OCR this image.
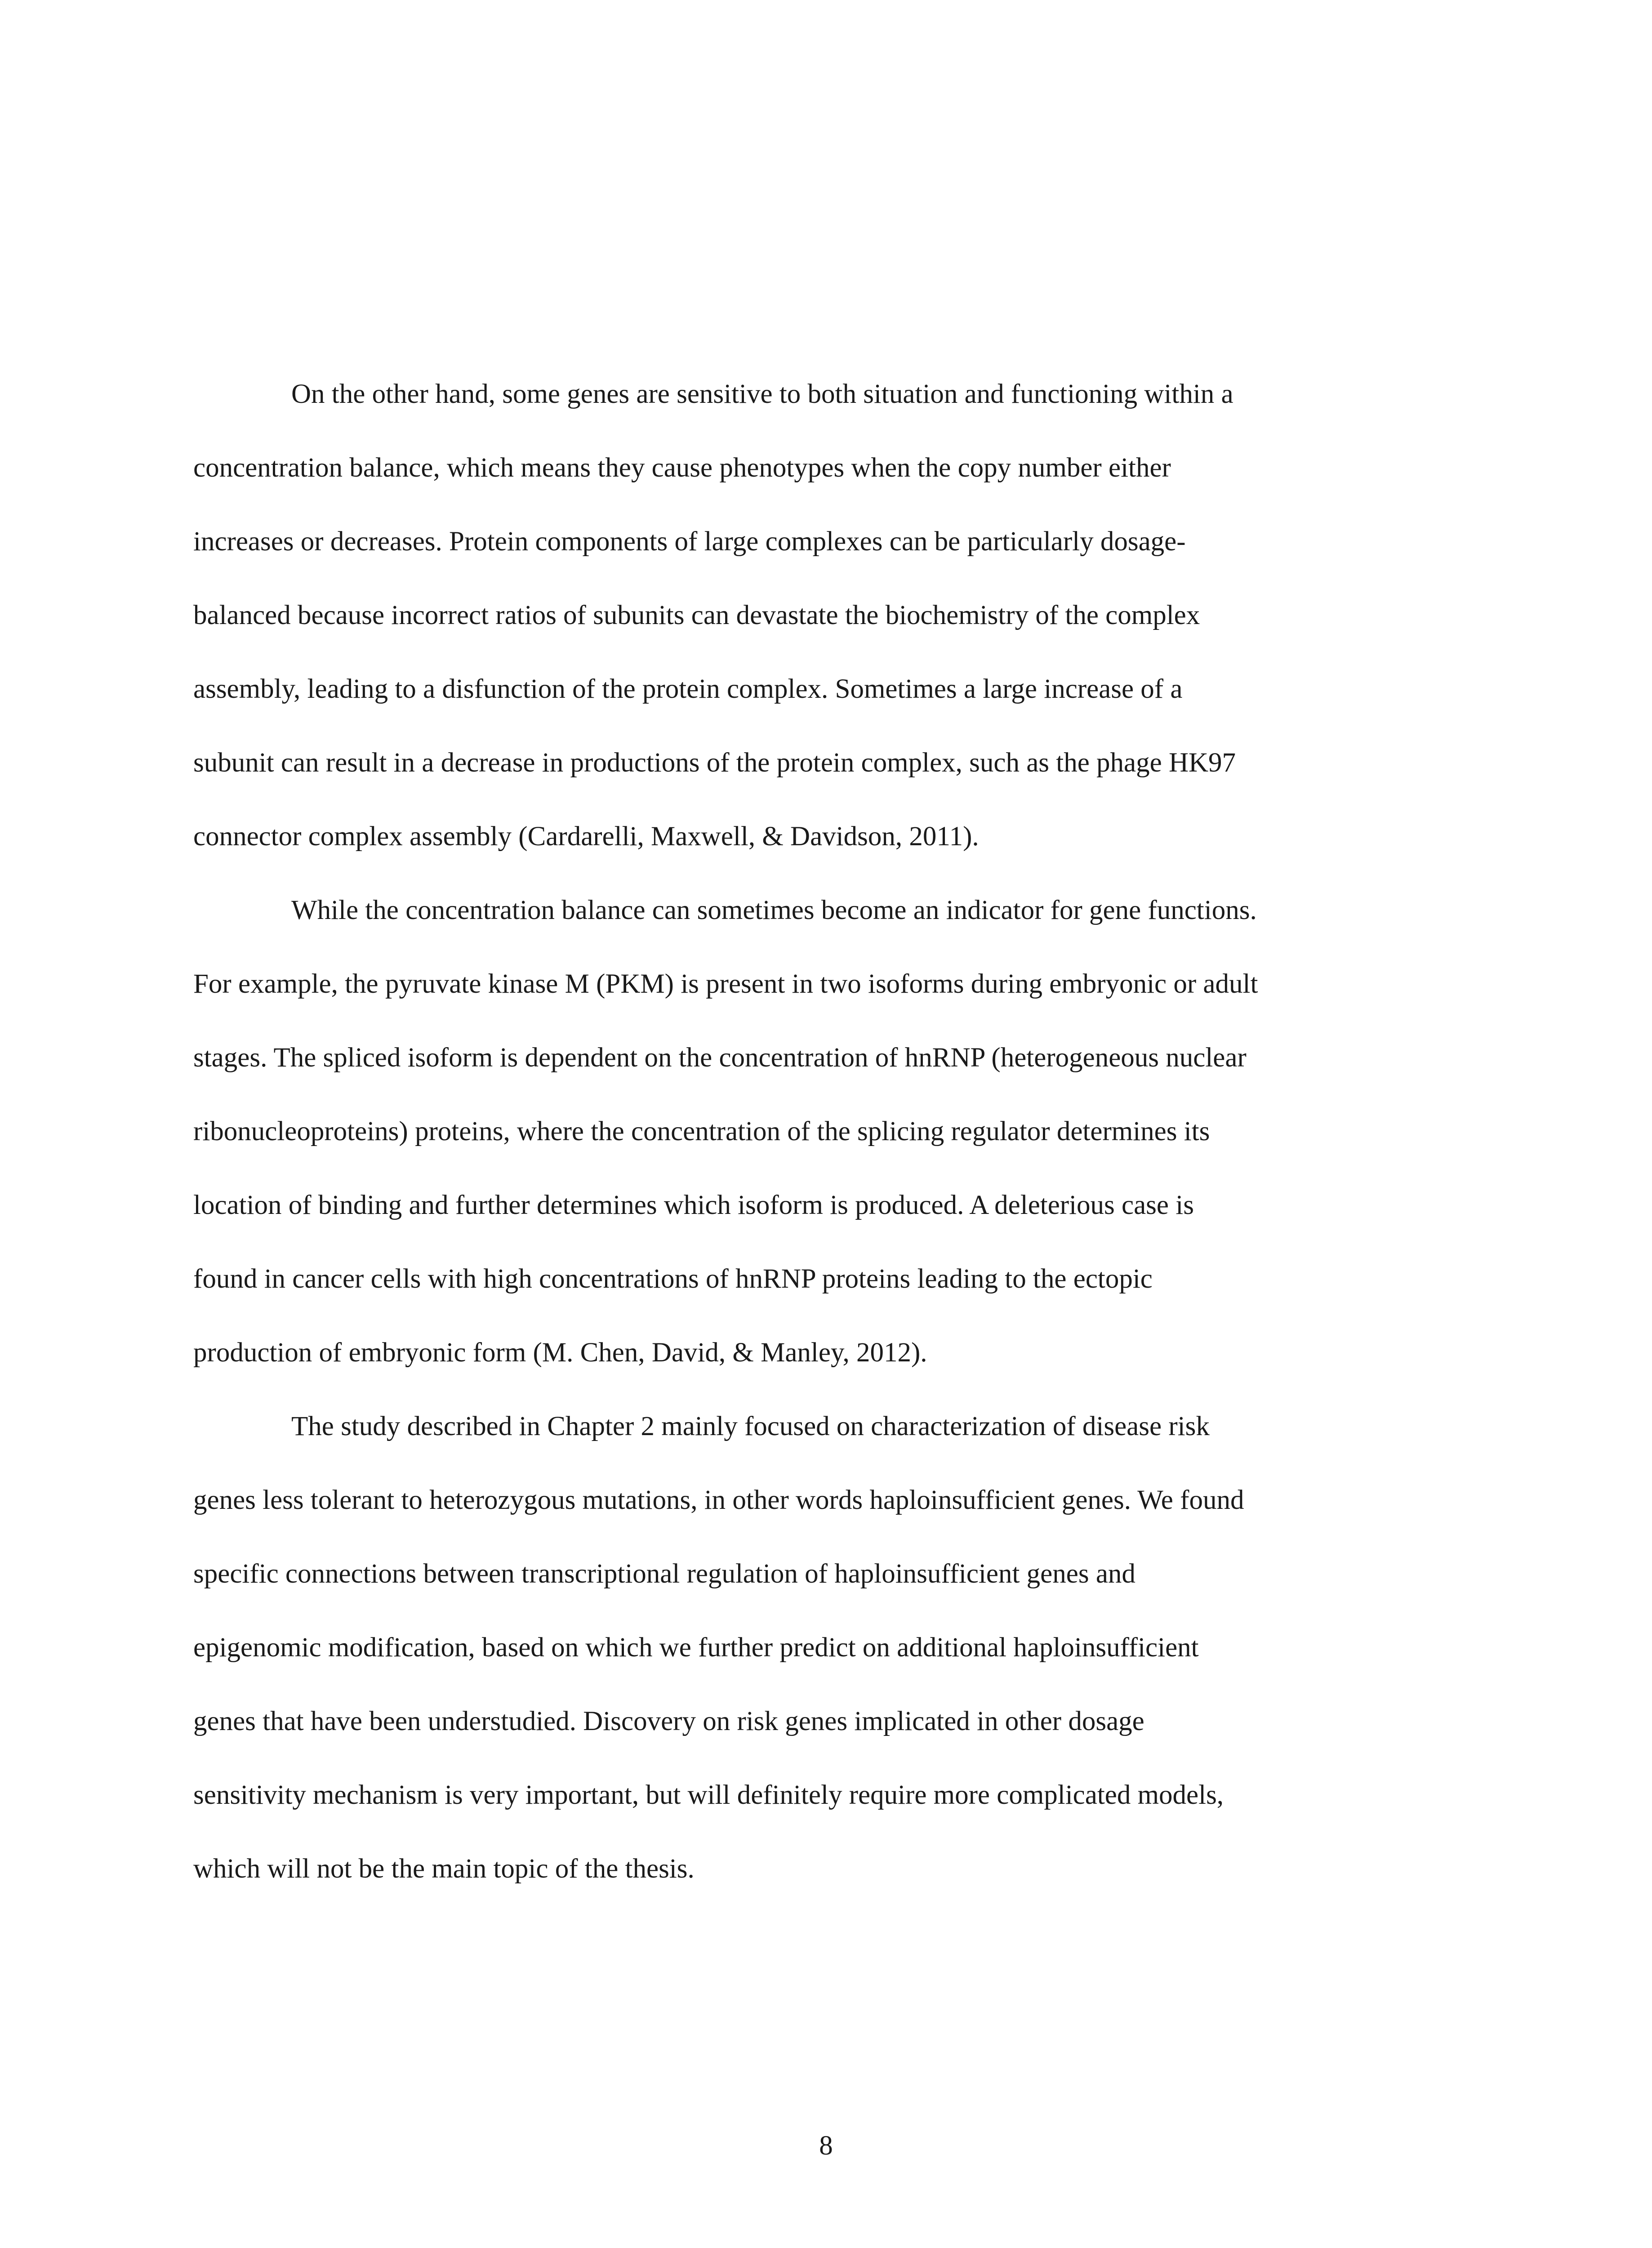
On the other hand, some genes are sensitive to both situation and functioning within a
concentration balance, which means they cause phenotypes when the copy number either
increases or decreases. Protein components of large complexes can be particularly dosage-
balanced because incorrect ratios of subunits can devastate the biochemistry of the complex
assembly, leading to a disfunction of the protein complex. Sometimes a large increase of a
subunit can result in a decrease in productions of the protein complex, such as the phage HK97
connector complex assembly (Cardarelli, Maxwell, & Davidson, 2011).
While the concentration balance can sometimes become an indicator for gene functions.
For example, the pyruvate kinase M (PKM) is present in two isoforms during embryonic or adult
stages. The spliced isoform is dependent on the concentration of hnRNP (heterogeneous nuclear
ribonucleoproteins) proteins, where the concentration of the splicing regulator determines its
location of binding and further determines which isoform is produced. A deleterious case is
found in cancer cells with high concentrations of hnRNP proteins leading to the ectopic
production of embryonic form (M. Chen, David, & Manley, 2012).
The study described in Chapter 2 mainly focused on characterization of disease risk
genes less tolerant to heterozygous mutations, in other words haploinsufficient genes. We found
specific connections between transcriptional regulation of haploinsufficient genes and
epigenomic modification, based on which we further predict on additional haploinsufficient
genes that have been understudied. Discovery on risk genes implicated in other dosage
sensitivity mechanism is very important, but will definitely require more complicated models,
which will not be the main topic of the thesis.
8
